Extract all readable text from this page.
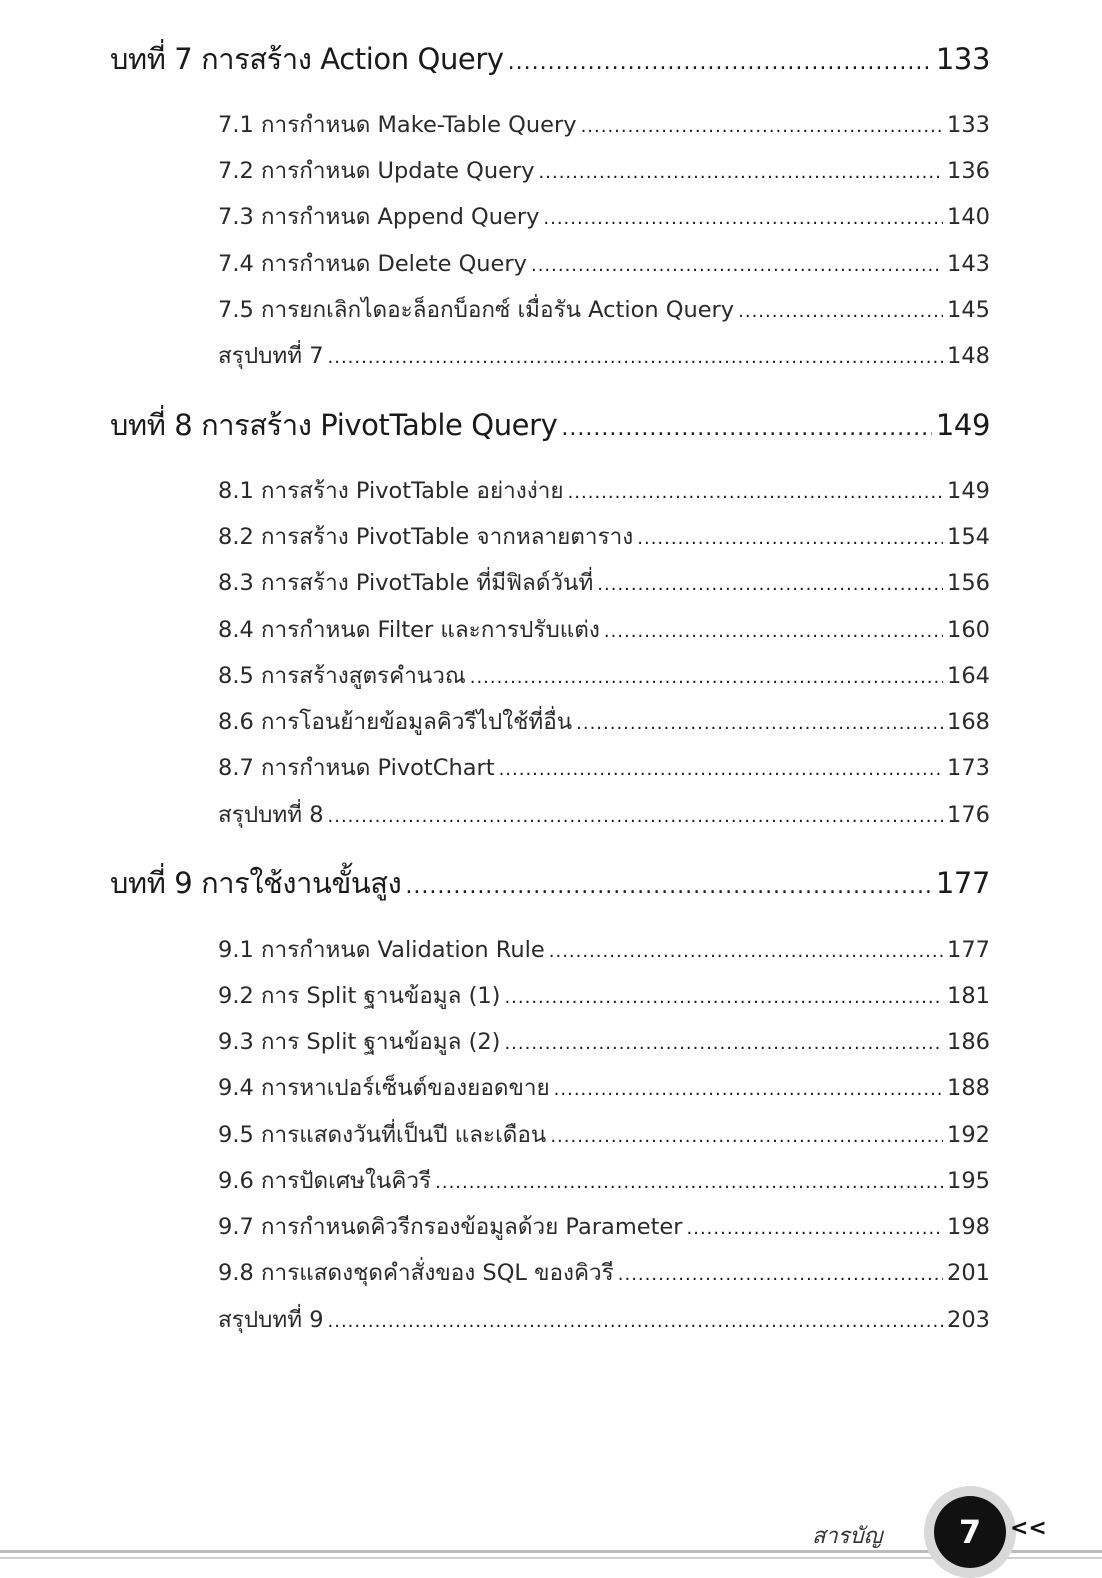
บทที่ 7 การสร้าง Action Query .....	133
7.1 การกำหนด Make-Table Query .....	133
7.2 การกำหนด Update Query .....	136
7.3 การกำหนด Append Query .....	140
7.4 การกำหนด Delete Query .....	143
7.5 การยกเลิกไดอะล็อกบ็อกซ์ เมื่อรัน Action Query .....	145
สรุปบทที่ 7 .....	148
บทที่ 8 การสร้าง PivotTable Query .....	149
8.1 การสร้าง PivotTable อย่างง่าย .....	149
8.2 การสร้าง PivotTable จากหลายตาราง .....	154
8.3 การสร้าง PivotTable ที่มีฟิลด์วันที่ .....	156
8.4 การกำหนด Filter และการปรับแต่ง .....	160
8.5 การสร้างสูตรคำนวณ .....	164
8.6 การโอนย้ายข้อมูลคิวรีไปใช้ที่อื่น .....	168
8.7 การกำหนด PivotChart .....	173
สรุปบทที่ 8 .....	176
บทที่ 9 การใช้งานขั้นสูง .....	177
9.1 การกำหนด Validation Rule .....	177
9.2 การ Split ฐานข้อมูล (1) .....	181
9.3 การ Split ฐานข้อมูล (2) .....	186
9.4 การหาเปอร์เซ็นต์ของยอดขาย .....	188
9.5 การแสดงวันที่เป็นปี และเดือน .....	192
9.6 การปัดเศษในคิวรี .....	195
9.7 การกำหนดคิวรีกรองข้อมูลด้วย Parameter .....	198
9.8 การแสดงชุดคำสั่งของ SQL ของคิวรี .....	201
สรุปบทที่ 9 .....	203
สารบัญ 7 <<
